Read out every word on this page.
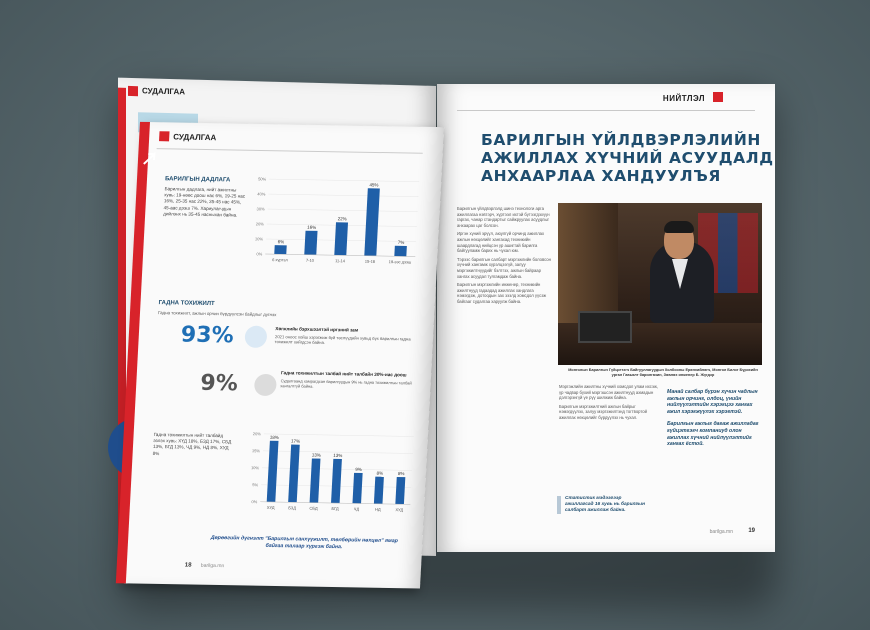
НИЙТЛЭЛ
БАРИЛГЫН ҮЙЛДВЭРЛЭЛИЙН
АЖИЛЛАХ ХҮЧНИЙ АСУУДАЛД
АНХААРЛАА ХАНДУУЛЪЯ

Барилгын үйлдвэрлэлд шинэ технологи арга ажиллагаа нэвтэрч, хүртээл ихтэй бүтээгдэхүүн гаргах, чанар стандартыг сайжруулах асуудлыг анхаарах цаг болсон.

Иргэн хүний эрүүл, аюулгүй орчинд ажиллах ажлын нөхцөлийг хангахад техникийн шаардлагад нийцсэн үр ашигтай барилга байгууламж барих нь чухал юм.

Тэрээс барилгын салбарт мэргэжлийн боловсон хүчний хангамж хүрэлцээгүй, залуу мэргэжилтнүүдийг бэлтгэх, ажлын байраар хангах асуудал тулгамдаж байна.

Барилгын мэргэжлийн инженер, техникийн ажилтнууд гадаадад ажиллах хандлага нэмэгдэж, дотоодын зах зээлд хомсдол үүсэж байгааг судалгаа харуулж байна.

Монголын Барилгын Гүйцэтгэгч Байгууллагуудын Холбооны Ерөнхийлөгч, Монгол Билэг Бүрэхийн ургал Гавьялт барилгачин, Зөвлөх инженер Б. Жүгдэр

Мэргэжлийн ажилтны хүчний хомсдол улам ихсэж, үр чадвар бүхий мэргэшсэн ажилтнууд ахмадын дэлгэрэнгүй үе рүү шилжиж байна.

Барилгын мэргэжилтний ажлын байрыг нэмэгдүүлэх, залуу мэргэжилтэнд тогтвортой ажиллах нөхцөлийг бүрдүүлэх нь чухал.

Манай салбар бүрэн хүчин чадлын ажлын орчинг, олдоц, үнийн нийлүүлэлтийн хэрэгцээ хангах ажил хэрэгжүүлэх хэрэгтэй.
Барилгын ажлыг дагаж ажилладаг гүйцэтгэгч компаниуд олон ажиллах хүчний нийлүүлэлтийг хангах ёстой.
Статистик мэдээгээр ажиллагсад 16 хувь нь барилгын салбарт ажиллаж байна.
barilga.mn	19
СУДАЛГАА
СУДАЛГАА
БАРИЛГЫН ДАДЛАГА
Барилгын дадлага, нийт ажилтны хувь: 19-нөөс доош нас 6%, 19-25 нас 16%, 25-35 нас 22%, 35-45 нас 45%, 45-аас дээш 7%. Хариулагчдын дийлэнх нь 35-45 насныхан байна.
6%
6 хүртэл
16%
7-10
22%
11-14
45%
15-18
7%
19-ээс дээш
0%
10%
20%
30%
40%
50%
ГАДНА ТОХИЖИЛТ
Гадна тохижилт, ажлын орчин бүрдүүлсэн байдлыг дүгнэх
93%	Хөгжлийн бэрхшээлтэй иргэний зам
2021 оноос хойш хэрэгжиж буй төслүүдийн хувьд бүх барилгын гадна тохижилт хийгдсэн байна.
9%	Гадна тохижилтын талбай нийт талбайн 30%-иас доош
Судалгаанд хамрагдсан барилгуудын 9% нь гадна тохижилтын талбай хангалтгүй байна.
Гадна тохижилтын нийт талбайд эзлэх хувь: ХҮД 18%, БЗД 17%, СБД 13%, БГД 13%, ЧД 9%, НД 8%, ХУД 8%
18%
ХУД
17%
БЗД
13%
СБД
13%
БГД
9%
ЧД
8%
НД
8%
ХУД
0%
5%
10%
15%
20%
Дөрөөгийн дүгнэлт "Барилгын санхүүжилт, төлбөрийн нөхцөл" ямар байгаа талаар хүргэж байна.
18 barilga.mn
